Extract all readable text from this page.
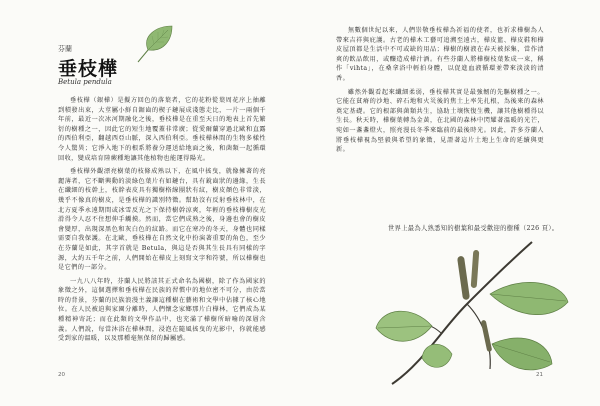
芬蘭
垂枝樺
Betula pendula

垂枝樺（銀樺）是擬方回色的落葉者，它的花粉從葉周花序上抽離到積發出束，大莖屬小鮮自鋸齒的楔子鏈展成淺態走比，一片一兩個千年前，最近一次冰河期融化之後，垂枝樺是在重至天日的地表上首先繁衍的樹種之一，因此它的短生地覆蓋非常廣；從愛爾蘭穿過北歐和直露的西伯利亞，翻越西亞山脈，深入西伯利亞。垂枝樺林間的生物多樣性令人驚異；它淨入地下的根系將養分運送給地面之後，和菌類一起循環回收，變成培育陸蕨種地讓其他植物也能運得陽光。

垂枝樺外觀漂亮樹葉的枝條成熟以下，在風中搖曳，就像擁著的亮麗薄者，它不斷興動的淡綠色葉片有如鏈台，具有銳齒狀的邊緣，生長在纖細的枝幹上，枝幹表皮具有獨樹格線團狀有紋，樹皮顏色非常淡，幾乎不像真的樹皮，是垂枝樺的識別特徵。幫助沒有反射垂枝林中，在北方夏季永遠期間或冰雪反光之下保持樹幹涼爽，年輕的垂枝樺樹皮光滑得令人忍不住想伸手觸摸。然而，當它們成熟之後，身邊也會的樹皮會變厚，出現深黑色和灰白色的紋路。而它在寒冷的冬天，身體也同樣需要自我保護。在北歐，垂枝樺在自然文化中扮演著重要的角色，至少在芬蘭是如此，其字首就是 Betula，與這是否與其生長具有同樣的字源，大約五千年之前，人們開始在樺皮上刻寫文字和符號，所以樺樹也是它們的一部分。

一九八八年時，芬蘭人民將該其正式命名為國樹，除了作為國家的象徵之外，這個選擇和垂枝樺在民族的習慣中的地位密不可分，由於當時的背景，芬蘭的民族浪漫主義讓這種樹在藝術和文學中佔據了核心地位。在人民被迫與家園分離時，人們懷念家鄉那片白樺林，它們成為某種精神寄託；而在此類的文學作品中，也充滿了樺樹所暗喻的深層含義。人們說，每當沐浴在樺林間，浸泡在隨風搖曳的光影中，你就能感受到家的溫暖，以及那種毫無保留的歸屬感。

20

無數個世紀以來，人們崇敬垂枝樺為祈福的使者，也祈求樺樹為人帶來吉祥與庇護。古老的樺木工藝可追溯至遠古，樺皮籃、樺皮鞋和樺皮屋頂都是生活中不可或缺的用品；樺樹的樹液在春天被採集，當作清爽的飲品飲用，或釀造成樺汁酒。有些芬蘭人將樺樹枝葉紮成一束，稱作「vihta」，在桑拿浴中輕拍身體，以促進血液循環並帶來淡淡的清香。

雖然外觀看起來纖細柔弱，垂枝樺其實是最強韌的先驅樹種之一。它能在貧瘠的沙地、碎石地和火災後的焦土上率先扎根，為後來的森林奠定基礎。它的根部與菌類共生，協助土壤恢復生機，讓其他樹種得以生長。秋天時，樺樹葉轉為金黃，在北國的森林中閃耀著溫暖的光芒，宛如一盞盞燈火，照亮漫長冬季來臨前的最後時光。因此，許多芬蘭人將垂枝樺視為堅毅與希望的象徵，見證著這片土地上生命的延續與更新。

世界上最為人熟悉知的樹葉和最受歡迎的樹種（226 頁）。
21
